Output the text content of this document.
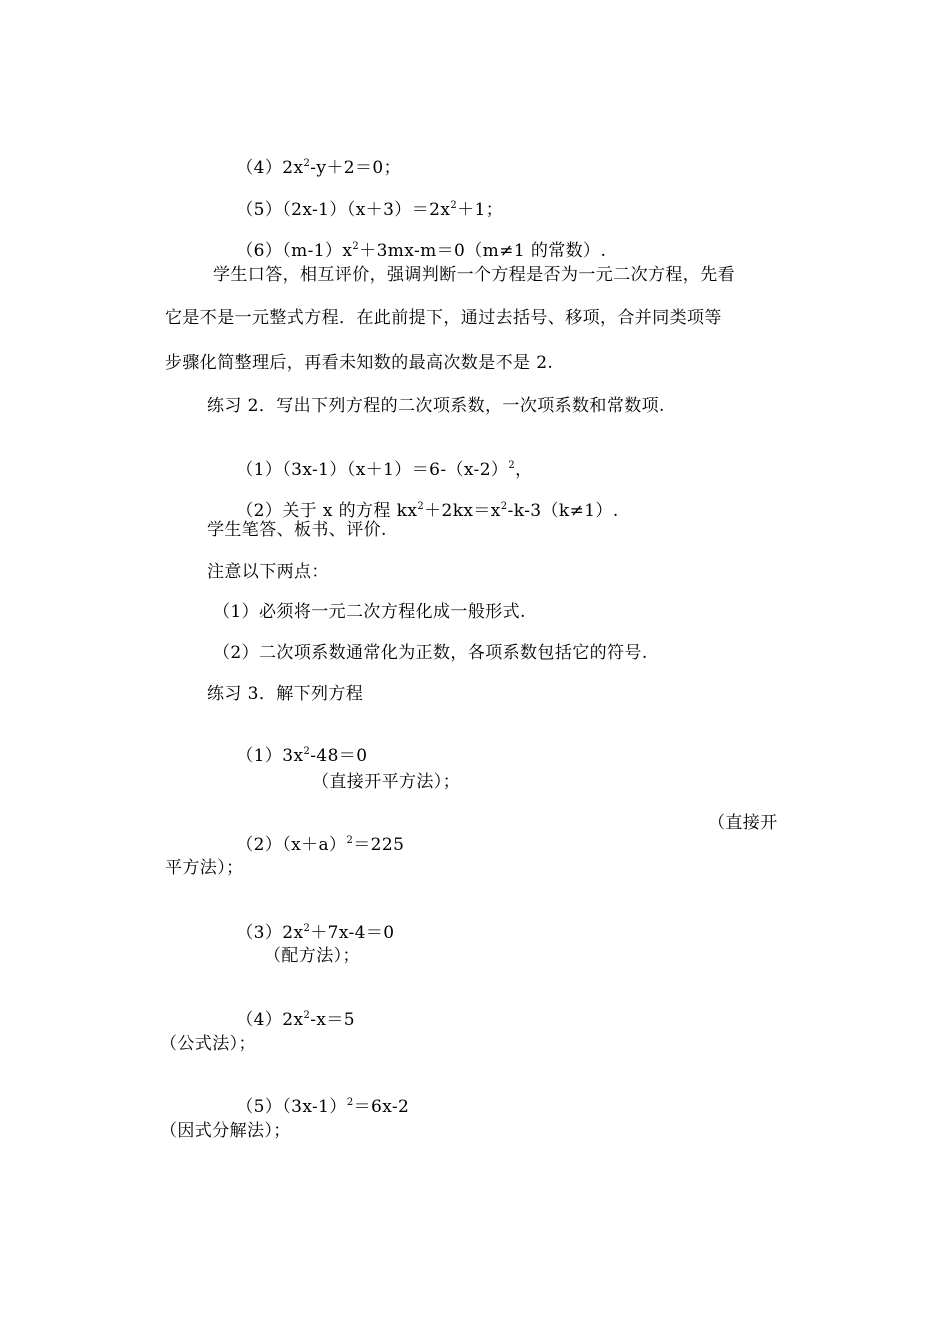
$(4)2x^2-y+2=0$；

$(5)(2x-1)(x+3)=2x^2+1$；

$(6)(m-1)x^2+3mx-m=0(m\ne 1$ 的常数）.

学生口答，相互评价，强调判断一个方程是否为一元二次方程，先看
它是不是一元整式方程．在此前提下，通过去括号、移项，合并同类项等
步骤化简整理后，再看未知数的最高次数是不是 2.
练习 2．写出下列方程的二次项系数，一次项系数和常数项.

$(1)(3x-1)(x+1)=6-(x-2)^2$，

（2）关于 x 的方程 $kx^2+2kx=x^2-k-3(k\ne 1)$.

学生笔答、板书、评价.
注意以下两点：
（1）必须将一元二次方程化成一般形式.
（2）二次项系数通常化为正数，各项系数包括它的符号.
练习 3．解下列方程

$(1)3x^2-48=0$

（直接开平方法）；

$(2)(x+a)^2=225$

（直接开
平方法）；

$(3)2x^2+7x-4=0$

（配方法）；

$(4)2x^2-x=5$

（公式法）；

$(5)(3x-1)^2=6x-2$

（因式分解法）；
